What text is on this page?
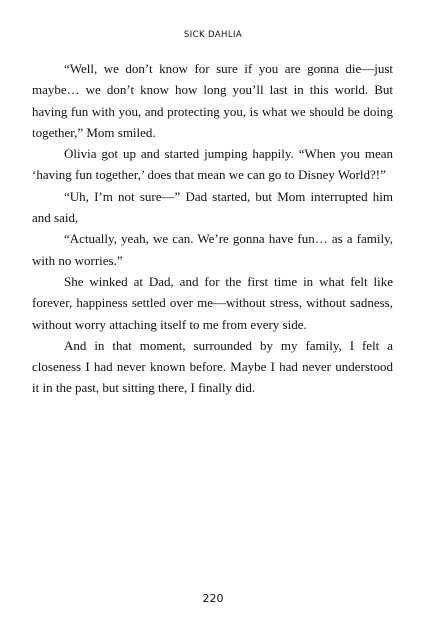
SICK DAHLIA

“Well, we don’t know for sure if you are gonna die—just maybe… we don’t know how long you’ll last in this world. But having fun with you, and protecting you, is what we should be doing together,” Mom smiled.

Olivia got up and started jumping happily. “When you mean ‘having fun together,’ does that mean we can go to Disney World?!”

“Uh, I’m not sure—” Dad started, but Mom interrupted him and said,

“Actually, yeah, we can. We’re gonna have fun… as a family, with no worries.”

She winked at Dad, and for the first time in what felt like forever, happiness settled over me—without stress, without sadness, without worry attaching itself to me from every side.

And in that moment, surrounded by my family, I felt a closeness I had never known before. Maybe I had never understood it in the past, but sitting there, I finally did.

220
